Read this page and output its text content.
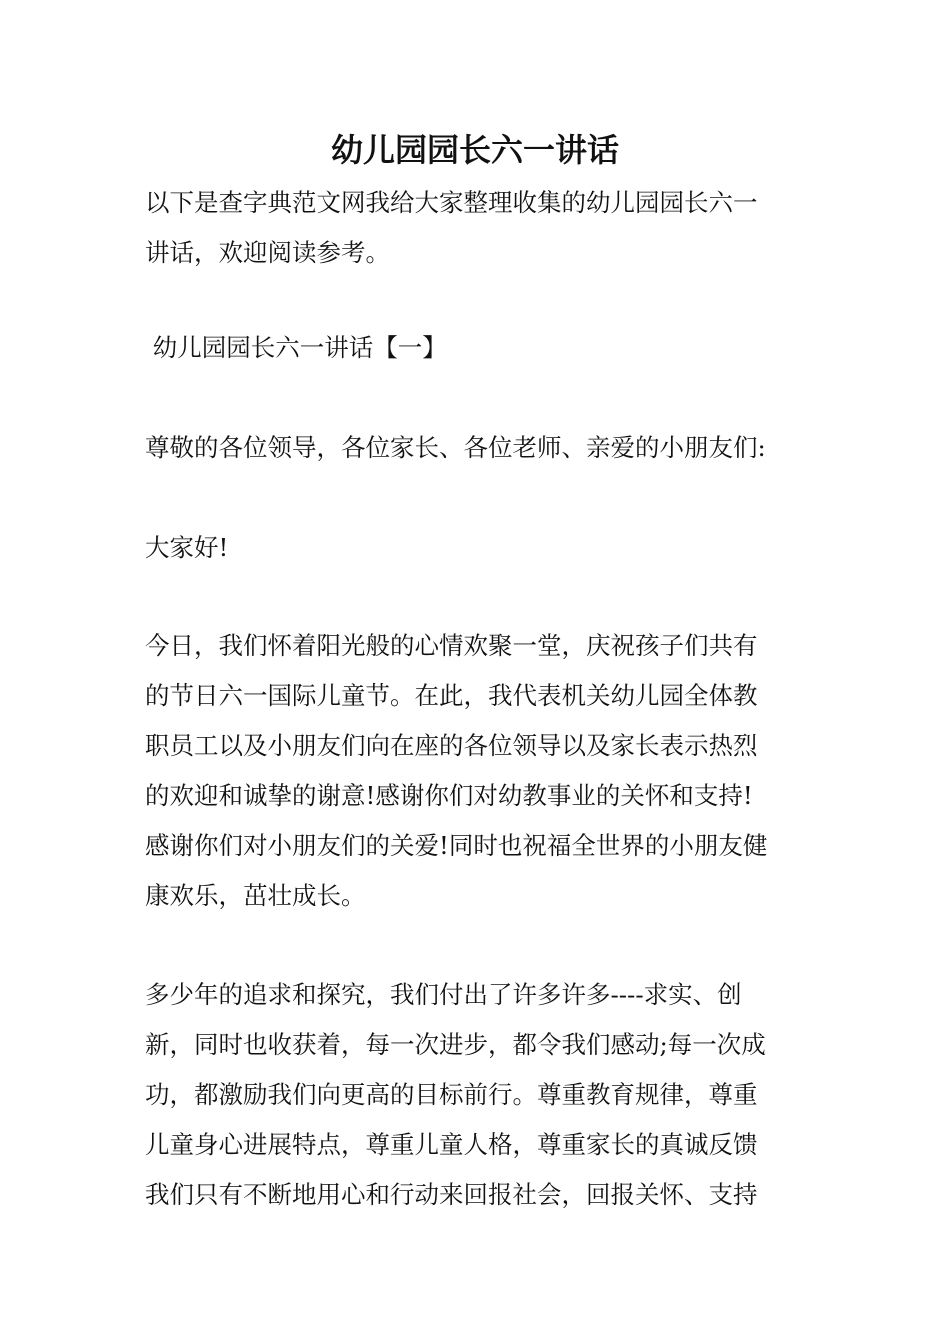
幼儿园园长六一讲话

以下是查字典范文网我给大家整理收集的幼儿园园长六一
讲话，欢迎阅读参考。

幼儿园园长六一讲话【一】

尊敬的各位领导，各位家长、各位老师、亲爱的小朋友们:

大家好!

今日，我们怀着阳光般的心情欢聚一堂，庆祝孩子们共有
的节日六一国际儿童节。在此，我代表机关幼儿园全体教
职员工以及小朋友们向在座的各位领导以及家长表示热烈
的欢迎和诚挚的谢意!感谢你们对幼教事业的关怀和支持!
感谢你们对小朋友们的关爱!同时也祝福全世界的小朋友健
康欢乐，茁壮成长。

多少年的追求和探究，我们付出了许多许多----求实、创
新，同时也收获着，每一次进步，都令我们感动;每一次成
功，都激励我们向更高的目标前行。尊重教育规律，尊重
儿童身心进展特点，尊重儿童人格，尊重家长的真诚反馈
我们只有不断地用心和行动来回报社会，回报关怀、支持
